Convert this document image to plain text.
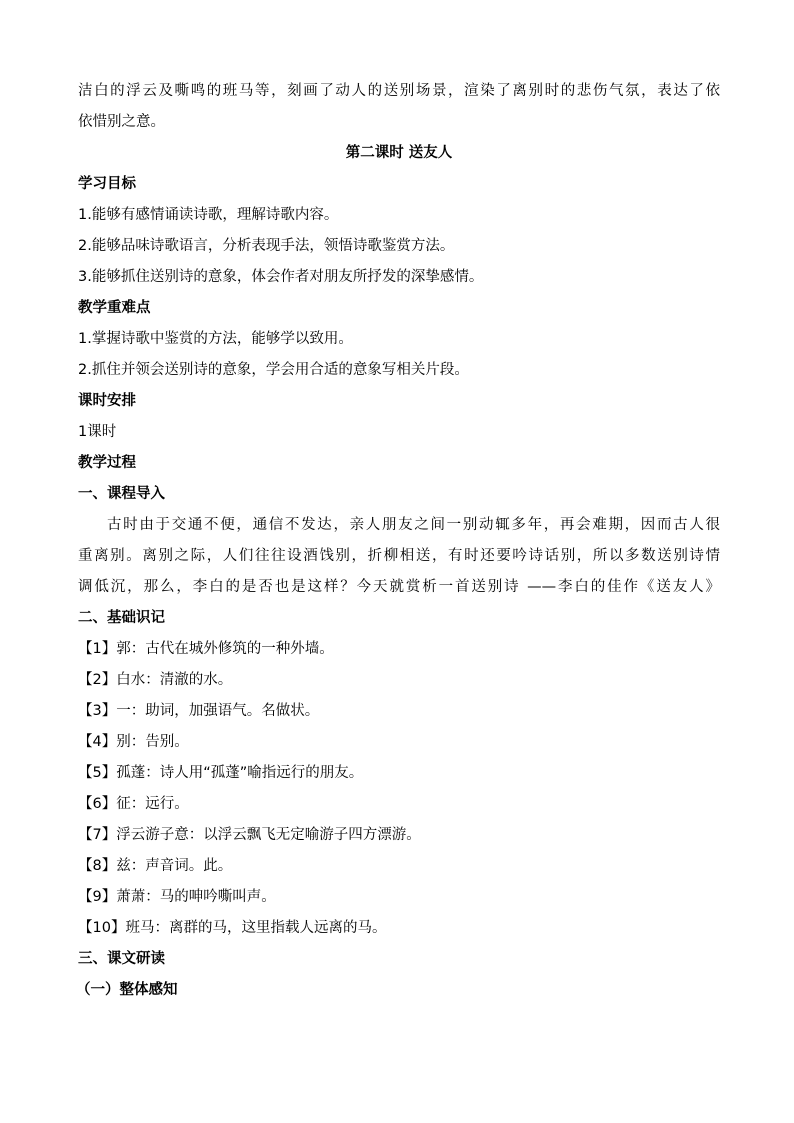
洁白的浮云及嘶鸣的班马等，刻画了动人的送别场景，渲染了离别时的悲伤气氛，表达了依
依惜别之意。
第二课时 送友人
学习目标
1.能够有感情诵读诗歌，理解诗歌内容。
2.能够品味诗歌语言，分析表现手法，领悟诗歌鉴赏方法。
3.能够抓住送别诗的意象，体会作者对朋友所抒发的深挚感情。
教学重难点
1.掌握诗歌中鉴赏的方法，能够学以致用。
2.抓住并领会送别诗的意象，学会用合适的意象写相关片段。
课时安排
1课时
教学过程
一、课程导入
古时由于交通不便，通信不发达，亲人朋友之间一别动辄多年，再会难期，因而古人很
重离别。离别之际，人们往往设酒饯别，折柳相送，有时还要吟诗话别，所以多数送别诗情
调低沉，那么，李白的是否也是这样？今天就赏析一首送别诗 ——李白的佳作《送友人》
二、基础识记
【1】郭：古代在城外修筑的一种外墙。
【2】白水：清澈的水。
【3】一：助词，加强语气。名做状。
【4】别：告别。
【5】孤蓬：诗人用“孤蓬”喻指远行的朋友。
【6】征：远行。
【7】浮云游子意：以浮云飘飞无定喻游子四方漂游。
【8】兹：声音词。此。
【9】萧萧：马的呻吟嘶叫声。
【10】班马：离群的马，这里指载人远离的马。
三、课文研读
（一）整体感知
